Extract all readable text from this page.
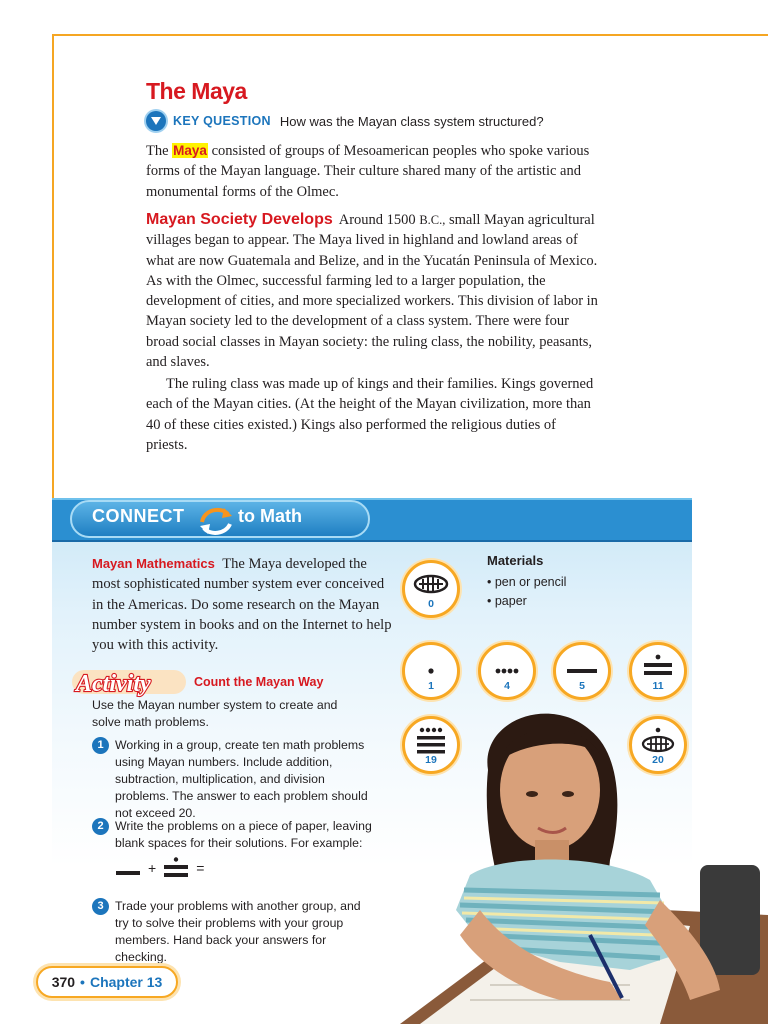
The Maya
KEY QUESTION How was the Mayan class system structured?

The Maya consisted of groups of Mesoamerican peoples who spoke various forms of the Mayan language. Their culture shared many of the artistic and monumental forms of the Olmec.

Mayan Society Develops Around 1500 B.C., small Mayan agricultural villages began to appear. The Maya lived in highland and lowland areas of what are now Guatemala and Belize, and in the Yucatán Peninsula of Mexico. As with the Olmec, successful farming led to a larger population, the development of cities, and more specialized workers. This division of labor in Mayan society led to the development of a class system. There were four broad social classes in Mayan society: the ruling class, the nobility, peasants, and slaves.

The ruling class was made up of kings and their families. Kings governed each of the Mayan cities. (At the height of the Mayan civilization, more than 40 of these cities existed.) Kings also performed the religious duties of priests.

CONNECT	to Math

Mayan Mathematics The Maya developed the most sophisticated number system ever conceived in the Americas. Do some research on the Mayan number system in books and on the Internet to help you with this activity.

Materials
• pen or pencil
• paper
0
1	4	5	11
19	20
Activity	Count the Mayan Way

Use the Mayan number system to create and solve math problems.

1 Working in a group, create ten math problems using Mayan numbers. Include addition, subtraction, multiplication, and division problems. The answer to each problem should not exceed 20.
2 Write the problems on a piece of paper, leaving blank spaces for their solutions. For example:
+	=
3 Trade your problems with another group, and try to solve their problems with your group members. Hand back your answers for checking.
370 • Chapter 13
